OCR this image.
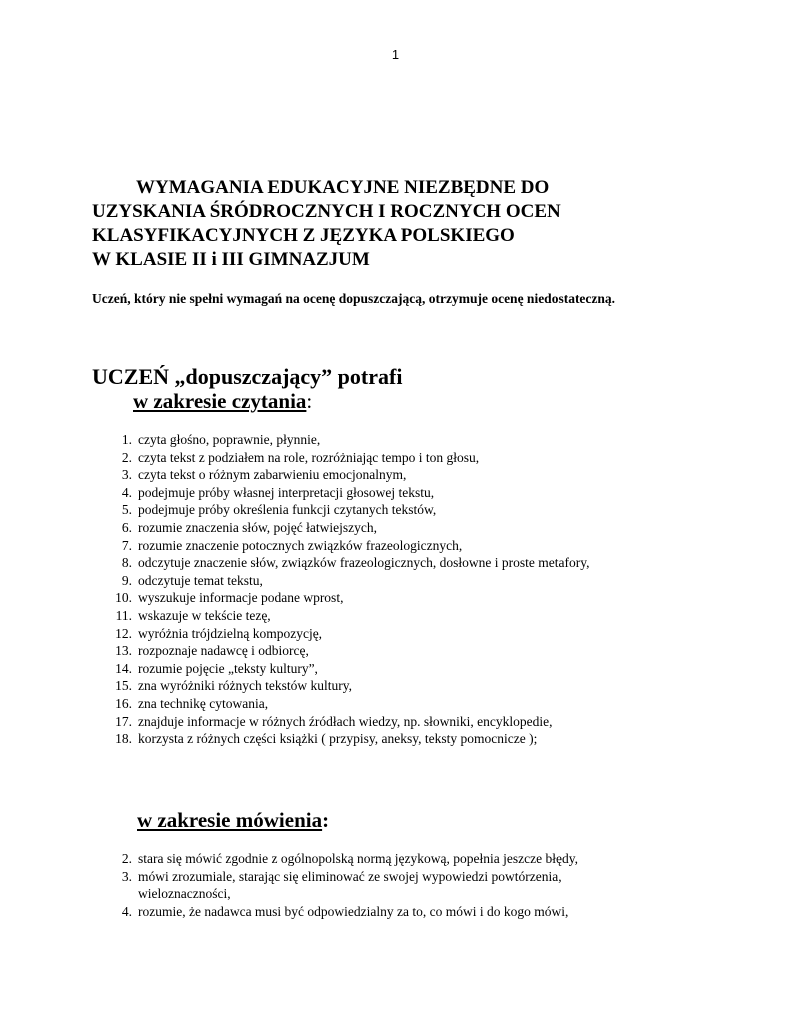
1
WYMAGANIA EDUKACYJNE NIEZBĘDNE DO
UZYSKANIA ŚRÓDROCZNYCH I ROCZNYCH OCEN
KLASYFIKACYJNYCH Z JĘZYKA POLSKIEGO
W KLASIE II i III GIMNAZJUM
Uczeń, który nie spełni wymagań na ocenę dopuszczającą, otrzymuje ocenę niedostateczną.
UCZEŃ „dopuszczający” potrafi
w zakresie czytania:
1. czyta głośno, poprawnie, płynnie,
2. czyta tekst z podziałem na role, rozróżniając tempo i ton głosu,
3. czyta tekst o różnym zabarwieniu emocjonalnym,
4. podejmuje próby własnej interpretacji głosowej tekstu,
5. podejmuje próby określenia funkcji czytanych tekstów,
6. rozumie znaczenia słów, pojęć łatwiejszych,
7. rozumie znaczenie potocznych związków frazeologicznych,
8. odczytuje znaczenie słów, związków frazeologicznych, dosłowne i proste metafory,
9. odczytuje temat tekstu,
10. wyszukuje informacje podane wprost,
11. wskazuje w tekście tezę,
12. wyróżnia trójdzielną kompozycję,
13. rozpoznaje nadawcę i odbiorcę,
14. rozumie pojęcie „teksty kultury”,
15. zna wyróżniki różnych tekstów kultury,
16. zna technikę cytowania,
17. znajduje informacje w różnych źródłach wiedzy, np. słowniki, encyklopedie,
18. korzysta z różnych części książki ( przypisy, aneksy, teksty pomocnicze );
w zakresie mówienia:
2. stara się mówić zgodnie z ogólnopolską normą językową, popełnia jeszcze błędy,
3. mówi zrozumiale, starając się eliminować ze swojej wypowiedzi powtórzenia,
wieloznaczności,
4. rozumie, że nadawca musi być odpowiedzialny za to, co mówi i do kogo mówi,
